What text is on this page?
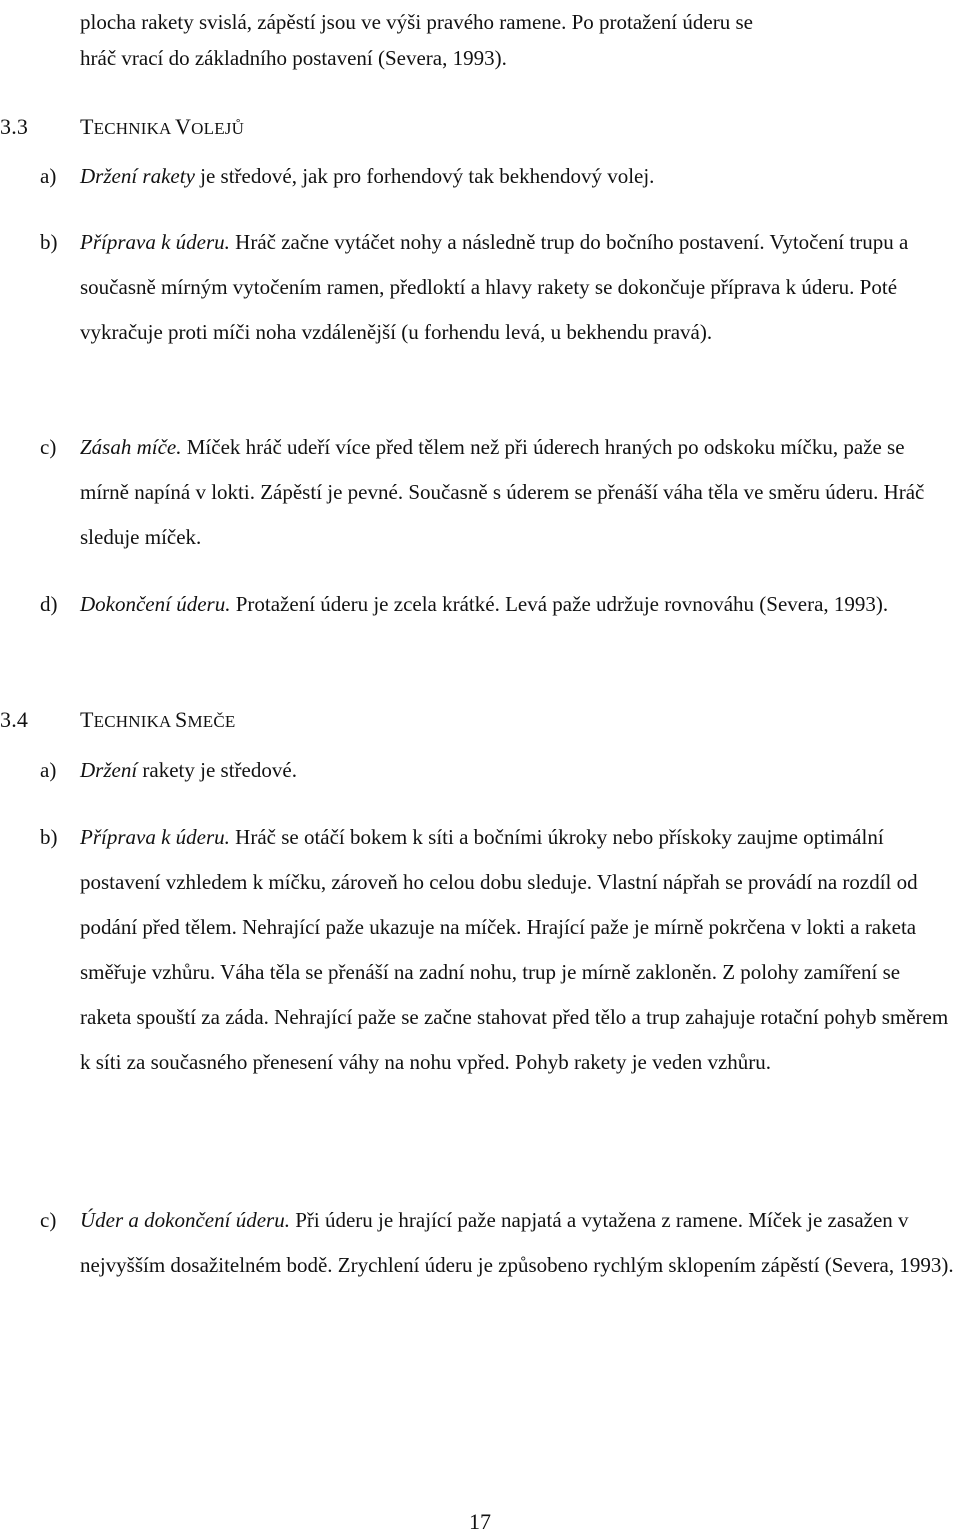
plocha rakety svislá, zápěstí jsou ve výši pravého ramene. Po protažení úderu se

hráč vrací do základního postavení (Severa, 1993).

3.3 TECHNIKA VOLEJŮ
a) Držení rakety je středové, jak pro forhendový tak bekhendový volej.
b) Příprava k úderu. Hráč začne vytáčet nohy a následně trup do bočního postavení. Vytočení trupu a současně mírným vytočením ramen, předloktí a hlavy rakety se dokončuje příprava k úderu. Poté vykračuje proti míči noha vzdálenější (u forhendu levá, u bekhendu pravá).
c) Zásah míče. Míček hráč udeří více před tělem než při úderech hraných po odskoku míčku, paže se mírně napíná v lokti. Zápěstí je pevné. Současně s úderem se přenáší váha těla ve směru úderu. Hráč sleduje míček.
d) Dokončení úderu. Protažení úderu je zcela krátké. Levá paže udržuje rovnováhu (Severa, 1993).
3.4 TECHNIKA SMEČE
a) Držení rakety je středové.
b) Příprava k úderu. Hráč se otáčí bokem k síti a bočními úkroky nebo přískoky zaujme optimální postavení vzhledem k míčku, zároveň ho celou dobu sleduje. Vlastní nápřah se provádí na rozdíl od podání před tělem. Nehrající paže ukazuje na míček. Hrající paže je mírně pokrčena v lokti a raketa směřuje vzhůru. Váha těla se přenáší na zadní nohu, trup je mírně zakloněn. Z polohy zamíření se raketa spouští za záda. Nehrající paže se začne stahovat před tělo a trup zahajuje rotační pohyb směrem k síti za současného přenesení váhy na nohu vpřed. Pohyb rakety je veden vzhůru.
c) Úder a dokončení úderu. Při úderu je hrající paže napjatá a vytažena z ramene. Míček je zasažen v nejvyšším dosažitelném bodě. Zrychlení úderu je způsobeno rychlým sklopením zápěstí (Severa, 1993).
17
